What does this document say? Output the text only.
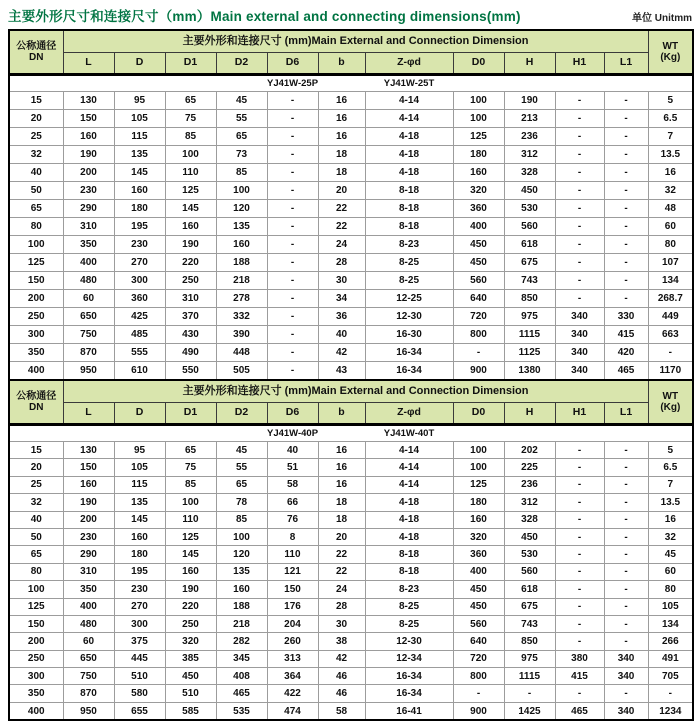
主要外形尺寸和连接尺寸（mm）Main external and connecting dimensions(mm)	单位 Unitmm
公称通径
DN	主要外形和连接尺寸 (mm)Main External and Connection Dimension											WT
(Kg)
	L	D	D1	D2	D6	b	Z-φd	D0	H	H1	L1	
					YJ41W-25P		YJ41W-25T					
15	130	95	65	45	-	16	4-14	100	190	-	-	5
20	150	105	75	55	-	16	4-14	100	213	-	-	6.5
25	160	115	85	65	-	16	4-18	125	236	-	-	7
32	190	135	100	73	-	18	4-18	180	312	-	-	13.5
40	200	145	110	85	-	18	4-18	160	328	-	-	16
50	230	160	125	100	-	20	8-18	320	450	-	-	32
65	290	180	145	120	-	22	8-18	360	530	-	-	48
80	310	195	160	135	-	22	8-18	400	560	-	-	60
100	350	230	190	160	-	24	8-23	450	618	-	-	80
125	400	270	220	188	-	28	8-25	450	675	-	-	107
150	480	300	250	218	-	30	8-25	560	743	-	-	134
200	60	360	310	278	-	34	12-25	640	850	-	-	268.7
250	650	425	370	332	-	36	12-30	720	975	340	330	449
300	750	485	430	390	-	40	16-30	800	1115	340	415	663
350	870	555	490	448	-	42	16-34	-	1125	340	420	-
400	950	610	550	505	-	43	16-34	900	1380	340	465	1170
公称通径
DN	主要外形和连接尺寸 (mm)Main External and Connection Dimension											WT
(Kg)
	L	D	D1	D2	D6	b	Z-φd	D0	H	H1	L1	
					YJ41W-40P		YJ41W-40T					
15	130	95	65	45	40	16	4-14	100	202	-	-	5
20	150	105	75	55	51	16	4-14	100	225	-	-	6.5
25	160	115	85	65	58	16	4-14	125	236	-	-	7
32	190	135	100	78	66	18	4-18	180	312	-	-	13.5
40	200	145	110	85	76	18	4-18	160	328	-	-	16
50	230	160	125	100	8	20	4-18	320	450	-	-	32
65	290	180	145	120	110	22	8-18	360	530	-	-	45
80	310	195	160	135	121	22	8-18	400	560	-	-	60
100	350	230	190	160	150	24	8-23	450	618	-	-	80
125	400	270	220	188	176	28	8-25	450	675	-	-	105
150	480	300	250	218	204	30	8-25	560	743	-	-	134
200	60	375	320	282	260	38	12-30	640	850	-	-	266
250	650	445	385	345	313	42	12-34	720	975	380	340	491
300	750	510	450	408	364	46	16-34	800	1115	415	340	705
350	870	580	510	465	422	46	16-34	-	-	-	-	-
400	950	655	585	535	474	58	16-41	900	1425	465	340	1234
